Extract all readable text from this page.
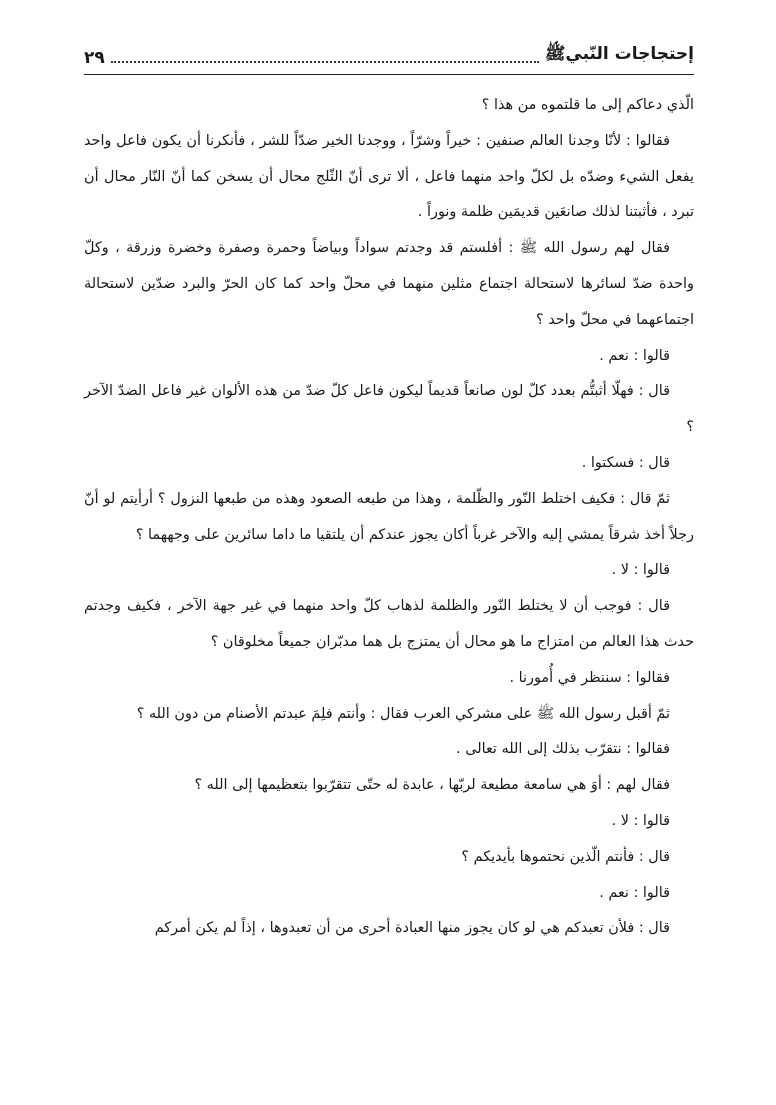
٢٩	إحتجاجات النّبيﷺ

الّذي دعاكم إلى ما قلتموه من هذا ؟

فقالوا : لأنّا وجدنا العالم صنفين : خيراً وشرّاً ، ووجدنا الخير ضدّاً للشر ، فأنكرنا أن يكون فاعل واحد يفعل الشيء وضدّه بل لكلّ واحد منهما فاعل ، ألا ترى أنّ الثّلج محال أن يسخن كما أنّ النّار محال أن تبرد ، فأثبتنا لذلك صانعَين قديمَين ظلمة ونوراً .

فقال لهم رسول الله ﷺ : أفلستم قد وجدتم سواداً وبياضاً وحمرة وصفرة وخضرة وزرقة ، وكلّ واحدة ضدّ لسائرها لاستحالة اجتماع مثلين منهما في محلّ واحد كما كان الحرّ والبرد ضدّين لاستحالة اجتماعهما في محلّ واحد ؟

قالوا : نعم .

قال : فهلّا أثبتُّم بعدد كلّ لون صانعاً قديماً ليكون فاعل كلّ ضدّ من هذه الألوان غير فاعل الضدّ الآخر ؟

قال : فسكتوا .

ثمّ قال : فكيف اختلط النّور والظّلمة ، وهذا من طبعه الصعود وهذه من طبعها النزول ؟ أرأيتم لو أنّ رجلاً أخذ شرقاً يمشي إليه والآخر غرباً أكان يجوز عندكم أن يلتقيا ما داما سائرين على وجههما ؟

قالوا : لا .

قال : فوجب أن لا يختلط النّور والظلمة لذهاب كلّ واحد منهما في غير جهة الآخر ، فكيف وجدتم حدث هذا العالم من امتزاج ما هو محال أن يمتزج بل هما مدبّران جميعاً مخلوقان ؟

فقالوا : سننظر في أُمورنا .

ثمّ أقبل رسول الله ﷺ على مشركي العرب فقال : وأنتم فلِمَ عبدتم الأصنام من دون الله ؟

فقالوا : نتقرّب بذلك إلى الله تعالى .

فقال لهم : أوَ هي سامعة مطيعة لربّها ، عابدة له حتّى تتقرّبوا بتعظيمها إلى الله ؟

قالوا : لا .

قال : فأنتم الّذين نحتموها بأيديكم ؟

قالوا : نعم .

قال : فلأن تعبدكم هي لو كان يجوز منها العبادة أحرى من أن تعبدوها ، إذاً لم يكن أمركم
